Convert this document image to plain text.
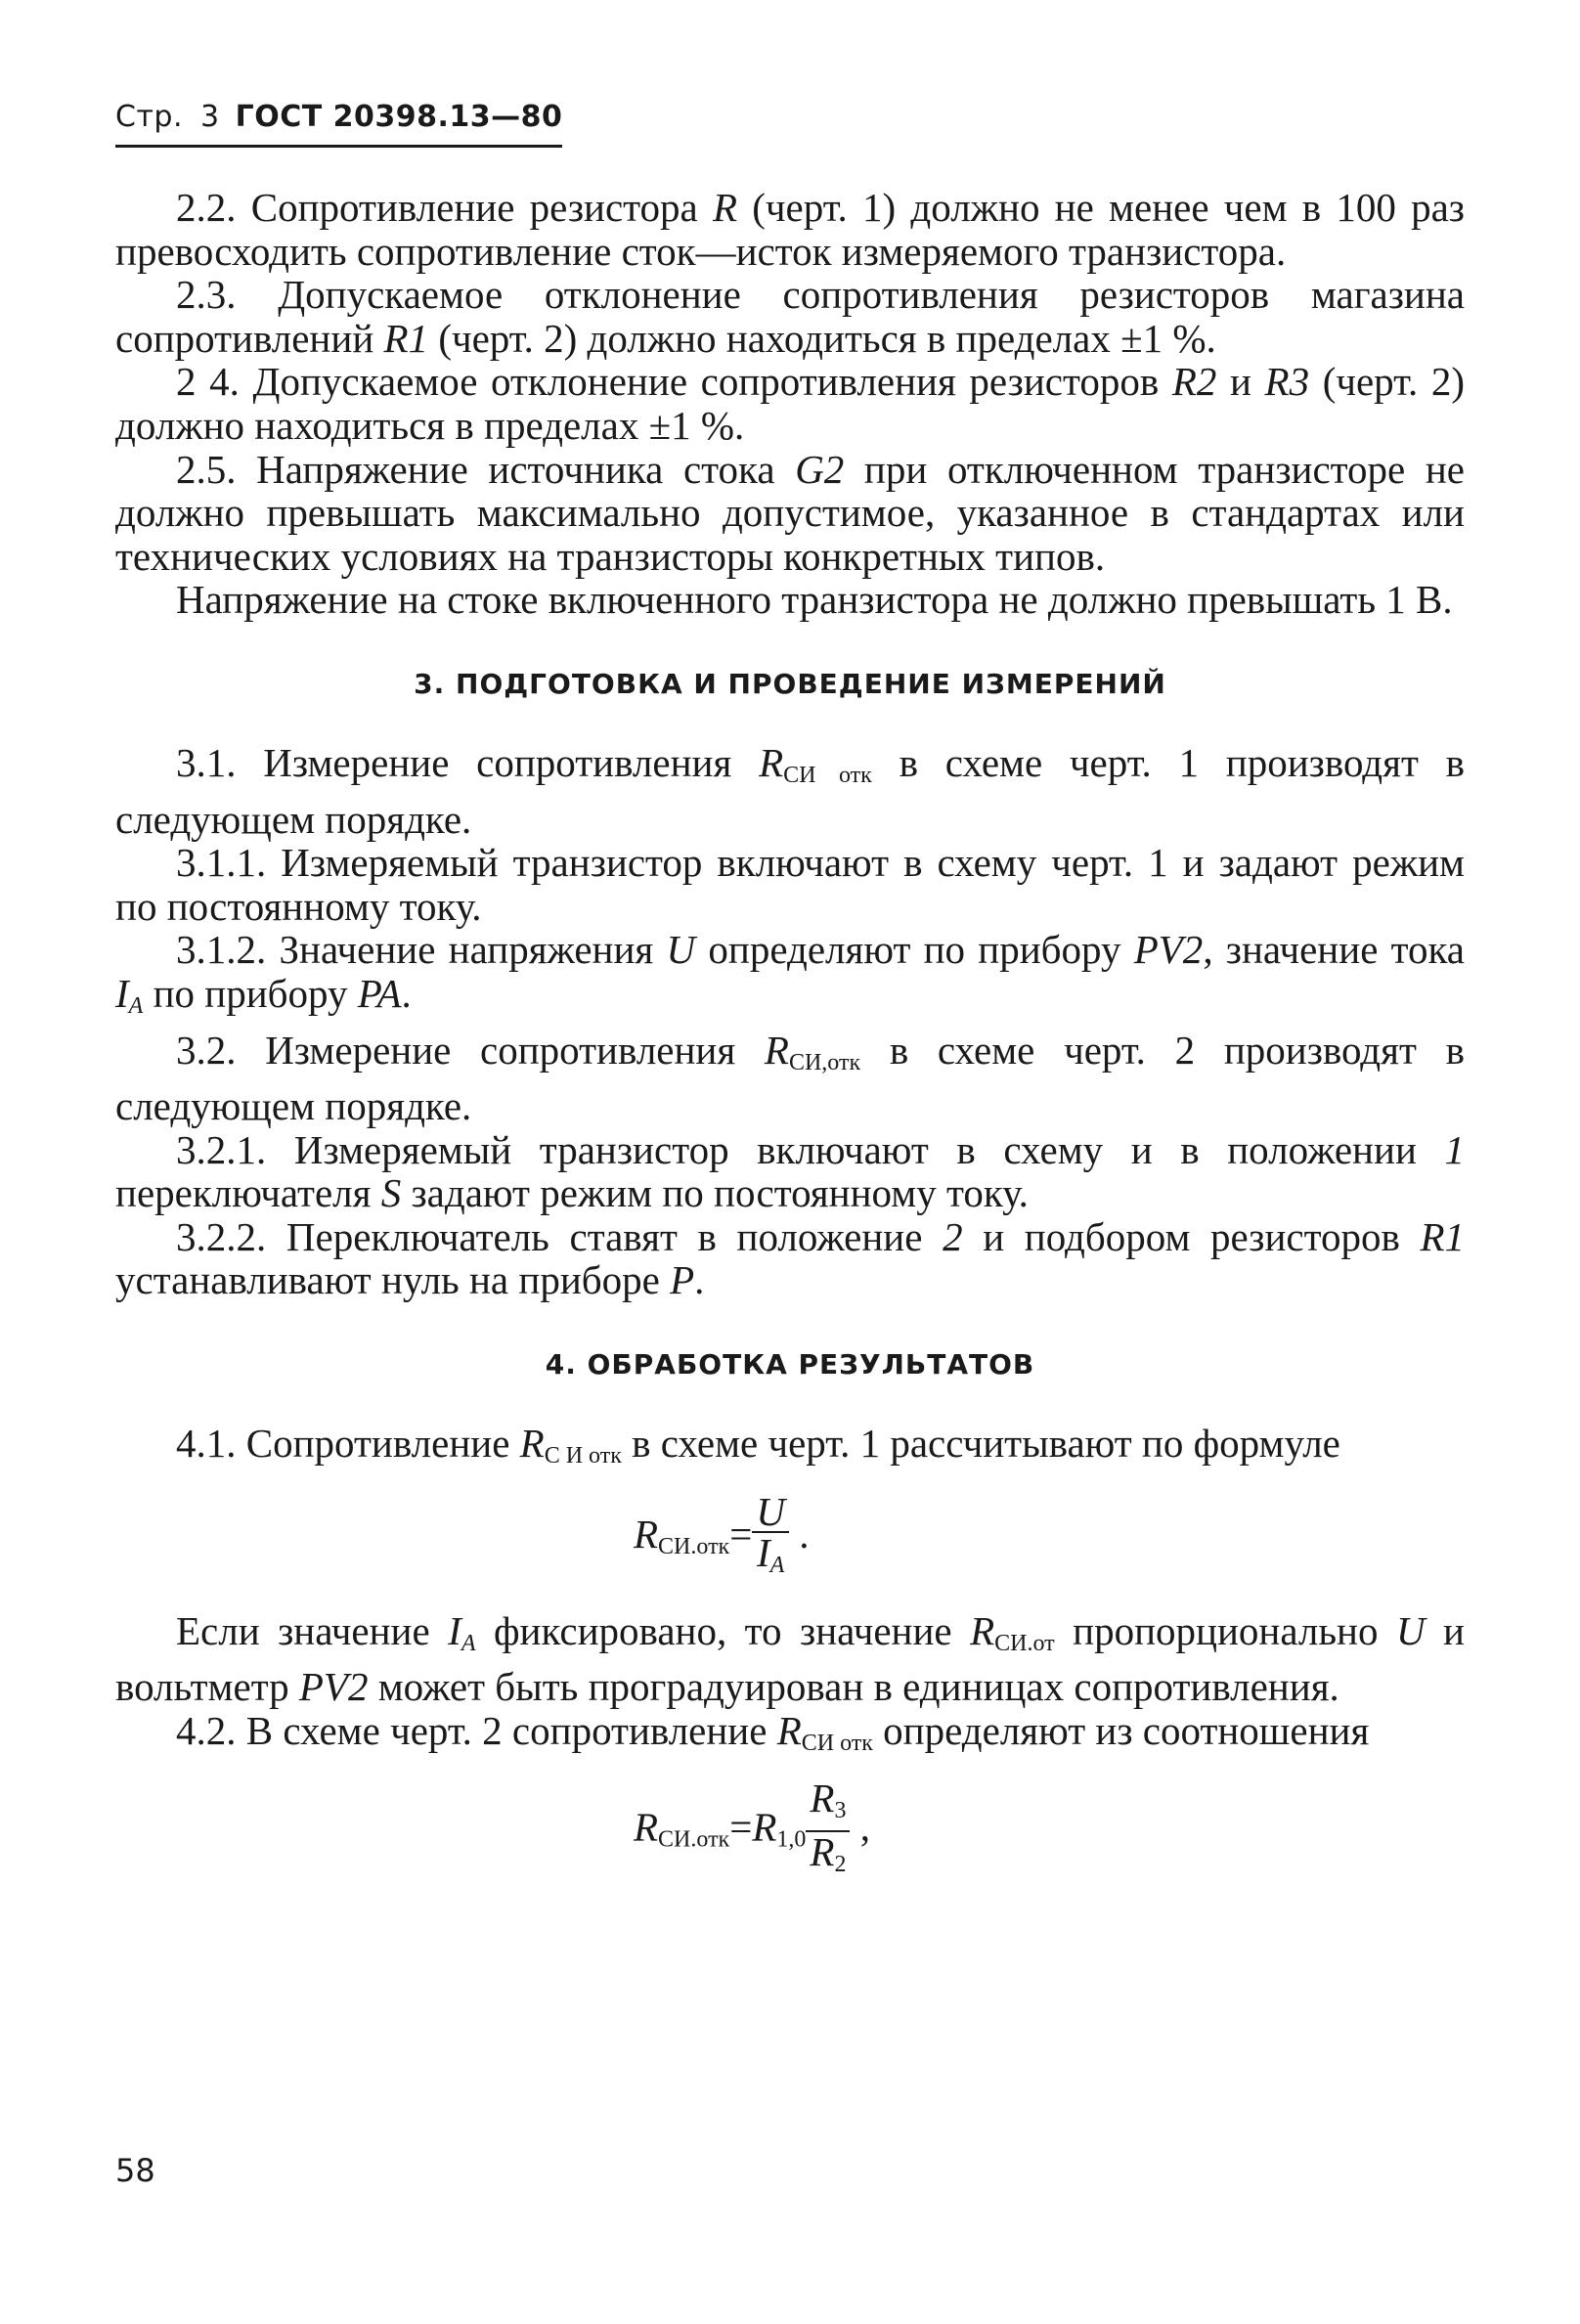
Стр. 3 ГОСТ 20398.13—80

2.2. Сопротивление резистора R (черт. 1) должно не менее чем в 100 раз превосходить сопротивление сток—исток измеряемого транзистора.

2.3. Допускаемое отклонение сопротивления резисторов магазина сопротивлений R1 (черт. 2) должно находиться в пределах ±1 %.

2 4. Допускаемое отклонение сопротивления резисторов R2 и R3 (черт. 2) должно находиться в пределах ±1 %.

2.5. Напряжение источника стока G2 при отключенном транзисторе не должно превышать максимально допустимое, указанное в стандартах или технических условиях на транзисторы конкретных типов.

Напряжение на стоке включенного транзистора не должно превышать 1 В.

3. ПОДГОТОВКА И ПРОВЕДЕНИЕ ИЗМЕРЕНИЙ

3.1. Измерение сопротивления $R_{СИ отк}$ в схеме черт. 1 производят в следующем порядке.

3.1.1. Измеряемый транзистор включают в схему черт. 1 и задают режим по постоянному току.

3.1.2. Значение напряжения U определяют по прибору PV2, значение тока IA по прибору PA.

3.2. Измерение сопротивления $R_{СИ,отк}$ в схеме черт. 2 производят в следующем порядке.

3.2.1. Измеряемый транзистор включают в схему и в положении 1 переключателя S задают режим по постоянному току.

3.2.2. Переключатель ставят в положение 2 и подбором резисторов R1 устанавливают нуль на приборе P.

4. ОБРАБОТКА РЕЗУЛЬТАТОВ

4.1. Сопротивление $R_{С И отк}$ в схеме черт. 1 рассчитывают по формуле

$R_{СИ.отк}= \frac{U}{IA}$ .

Если значение IA фиксировано, то значение $R_{СИ.от}$ пропорционально U и вольтметр PV2 может быть проградуирован в единицах сопротивления.

4.2. В схеме черт. 2 сопротивление $R_{СИ отк}$ определяют из соотношения

$R_{СИ.отк}=R_{1,0} \frac{R_3}{R_2}$ ,
58
